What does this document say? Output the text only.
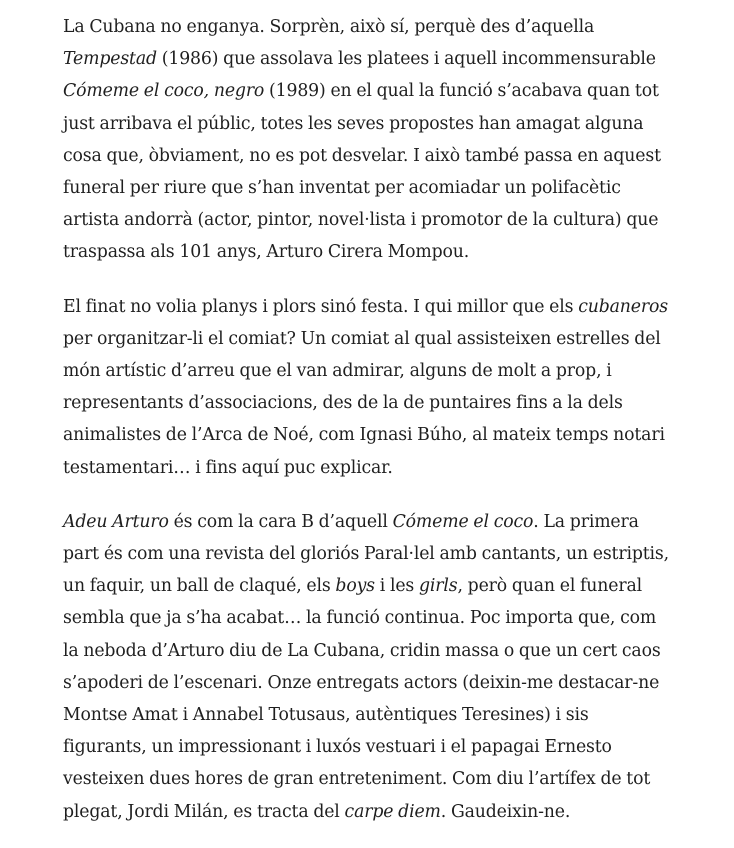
La Cubana no enganya. Sorprèn, això sí, perquè des d’aquella Tempestad (1986) que assolava les platees i aquell incommensurable Cómeme el coco, negro (1989) en el qual la funció s’acabava quan tot just arribava el públic, totes les seves propostes han amagat alguna cosa que, òbviament, no es pot desvelar. I això també passa en aquest funeral per riure que s’han inventat per acomiadar un polifacètic artista andorrà (actor, pintor, novel·lista i promotor de la cultura) que traspassa als 101 anys, Arturo Cirera Mompou.

El finat no volia planys i plors sinó festa. I qui millor que els cubaneros per organitzar-li el comiat? Un comiat al qual assisteixen estrelles del món artístic d’arreu que el van admirar, alguns de molt a prop, i representants d’associacions, des de la de puntaires fins a la dels animalistes de l’Arca de Noé, com Ignasi Búho, al mateix temps notari testamentari… i fins aquí puc explicar.

Adeu Arturo és com la cara B d’aquell Cómeme el coco. La primera part és com una revista del gloriós Paral·lel amb cantants, un estriptis, un faquir, un ball de claqué, els boys i les girls, però quan el funeral sembla que ja s’ha acabat… la funció continua. Poc importa que, com la neboda d’Arturo diu de La Cubana, cridin massa o que un cert caos s’apoderi de l’escenari. Onze entregats actors (deixin-me destacar-ne Montse Amat i Annabel Totusaus, autèntiques Teresines) i sis figurants, un impressionant i luxós vestuari i el papagai Ernesto vesteixen dues hores de gran entreteniment. Com diu l’artífex de tot plegat, Jordi Milán, es tracta del carpe diem. Gaudeixin-ne.
